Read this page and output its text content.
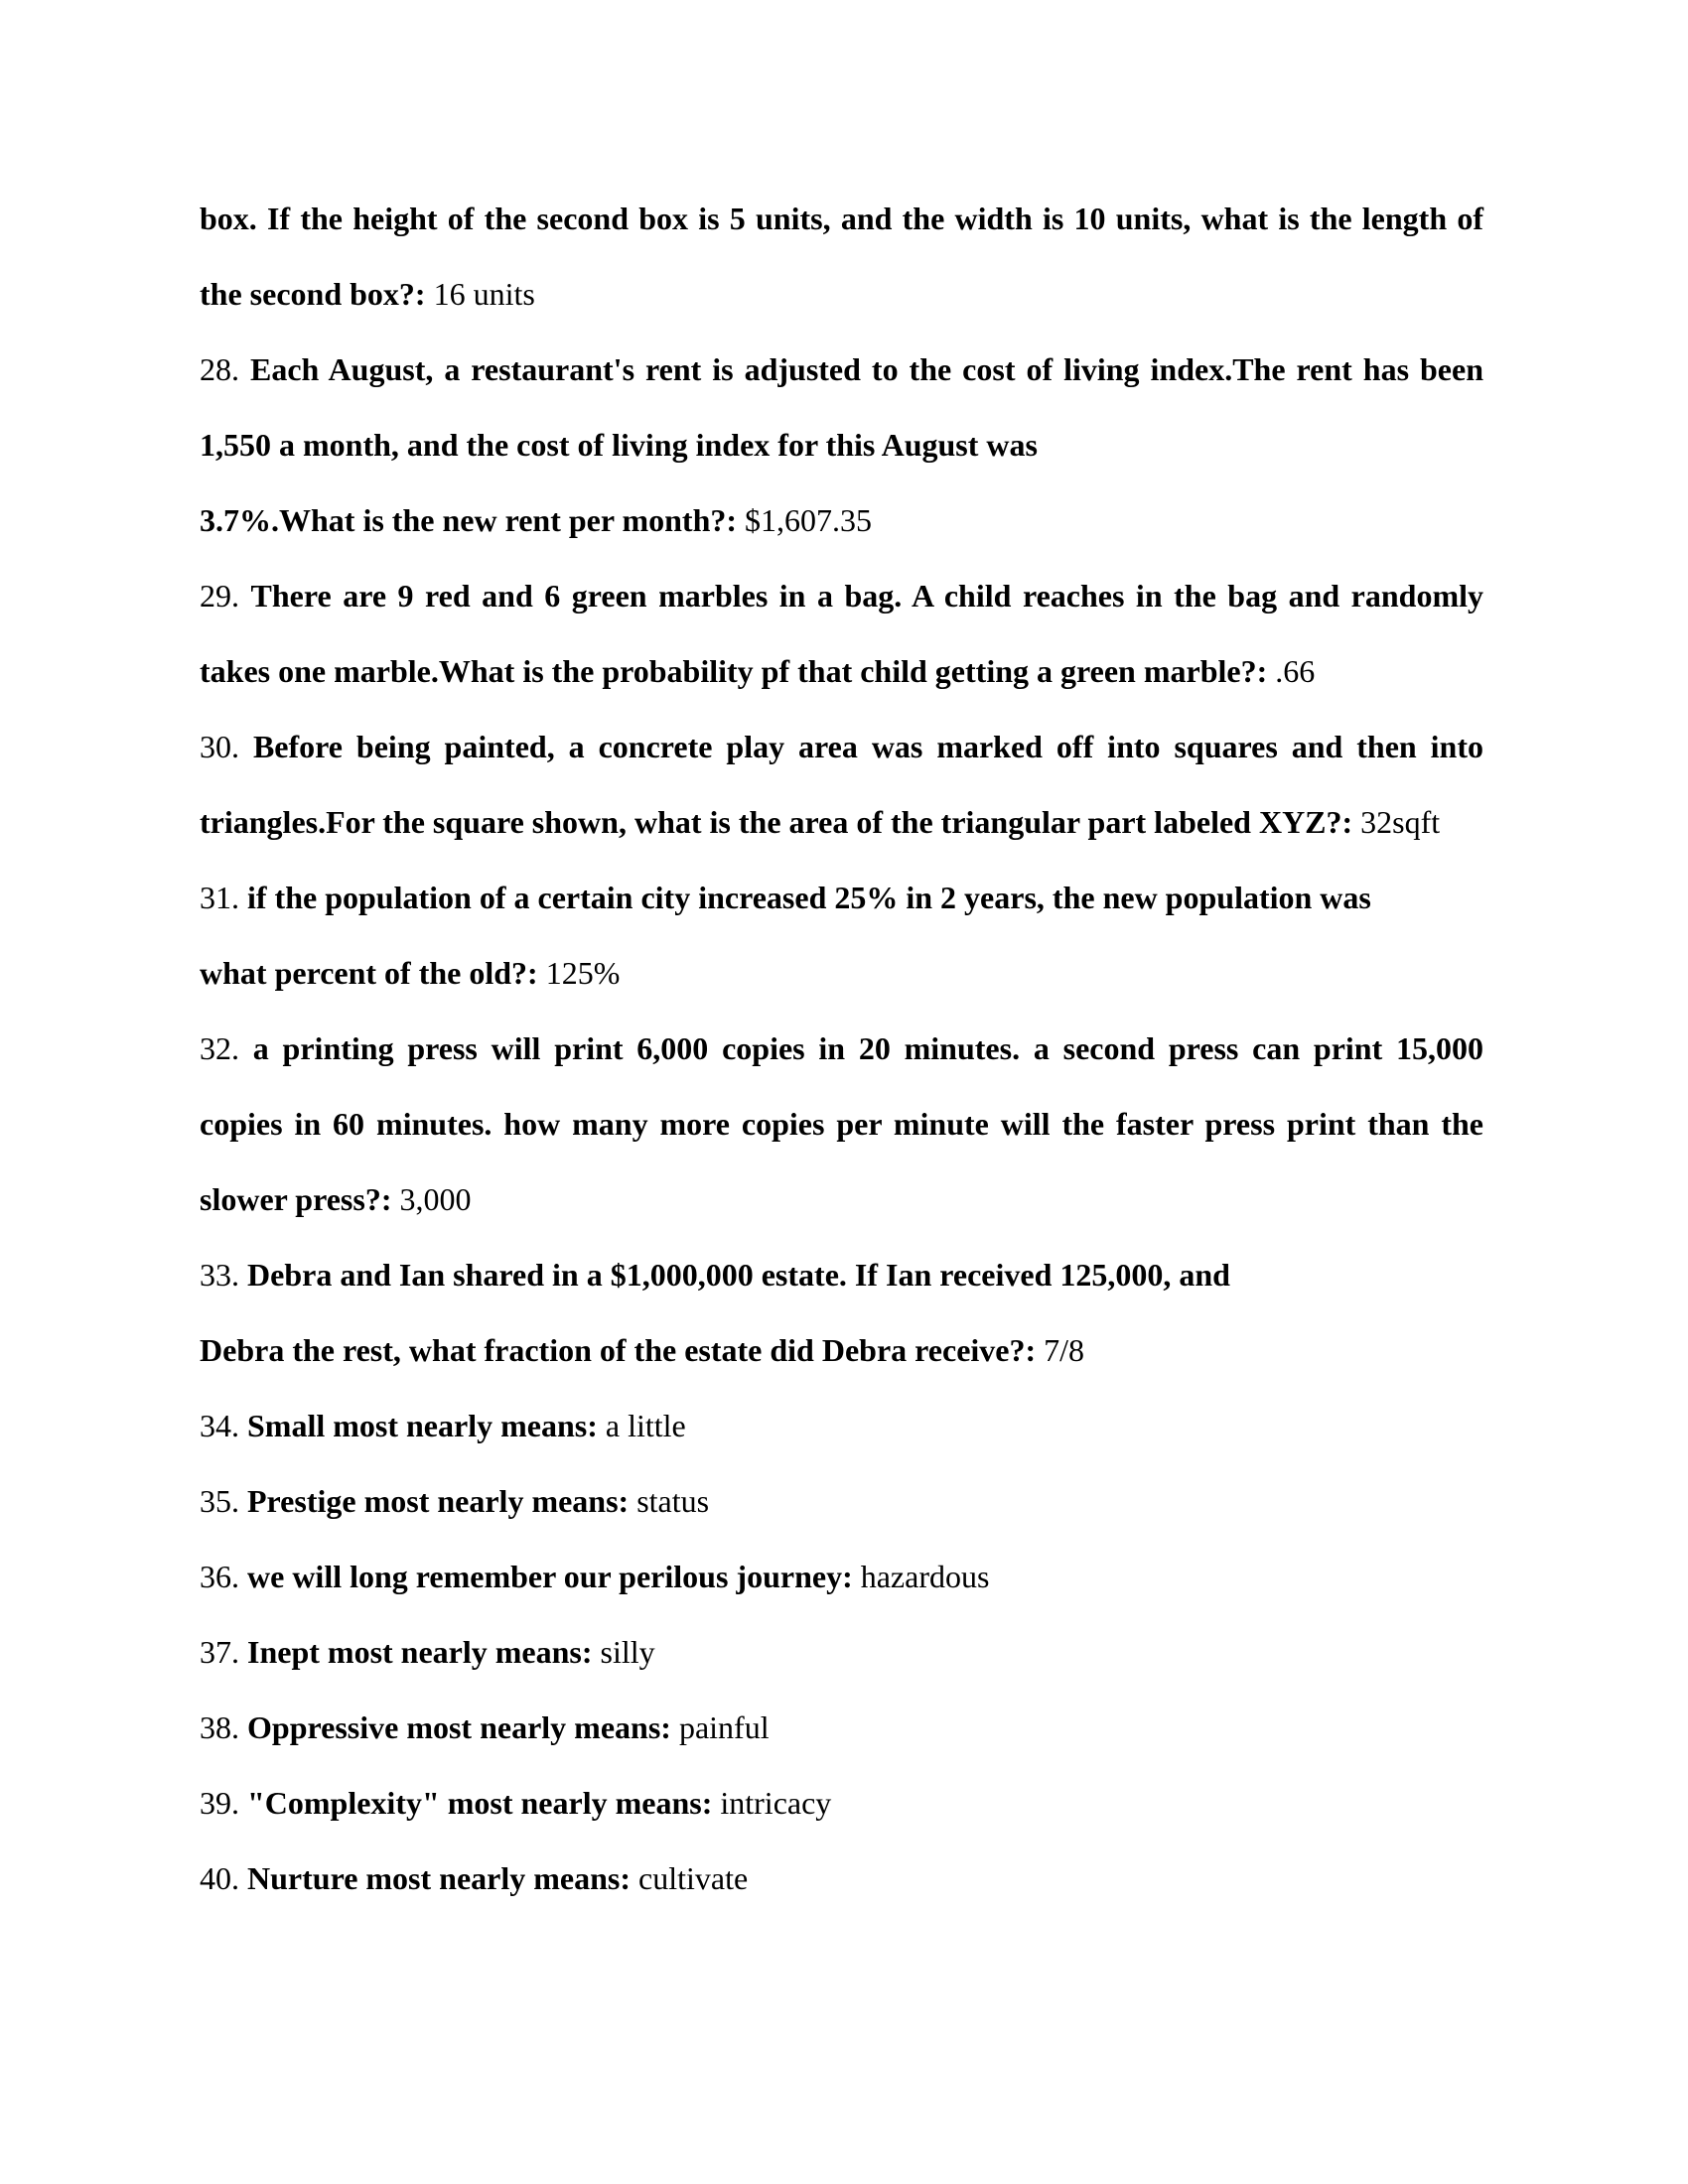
box. If the height of the second box is 5 units, and the width is 10 units, what is the length of
the second box?: 16 units
28. Each August, a restaurant's rent is adjusted to the cost of living index.The rent has been
1,550 a month, and the cost of living index for this August was
3.7%.What is the new rent per month?: $1,607.35
29. There are 9 red and 6 green marbles in a bag. A child reaches in the bag and randomly
takes one marble.What is the probability pf that child getting a green marble?: .66
30. Before being painted, a concrete play area was marked off into squares and then into
triangles.For the square shown, what is the area of the triangular part labeled XYZ?: 32sqft
31. if the population of a certain city increased 25% in 2 years, the new population was
what percent of the old?: 125%
32. a printing press will print 6,000 copies in 20 minutes. a second press can print 15,000
copies in 60 minutes. how many more copies per minute will the faster press print than the
slower press?: 3,000
33. Debra and Ian shared in a $1,000,000 estate. If Ian received 125,000, and
Debra the rest, what fraction of the estate did Debra receive?: 7/8
34. Small most nearly means: a little
35. Prestige most nearly means: status
36. we will long remember our perilous journey: hazardous
37. Inept most nearly means: silly
38. Oppressive most nearly means: painful
39. "Complexity" most nearly means: intricacy
40. Nurture most nearly means: cultivate
